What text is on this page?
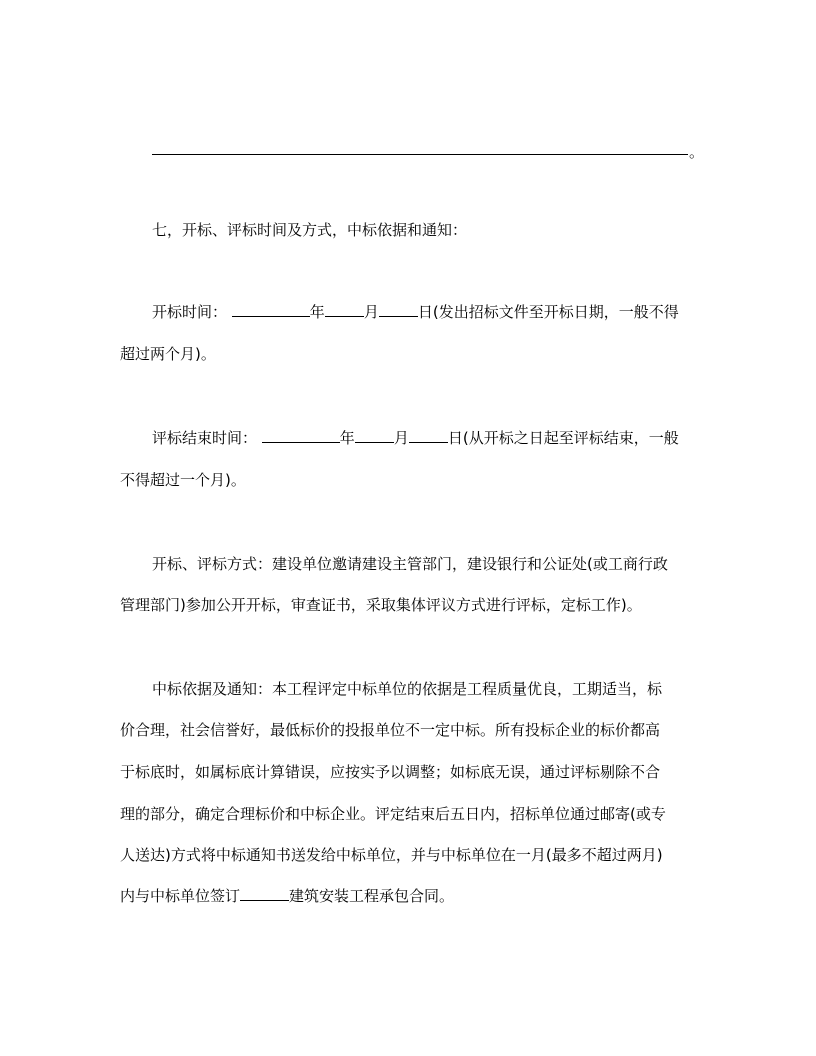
。
七，开标、评标时间及方式，中标依据和通知：
开标时间：	年	月	日(发出招标文件至开标日期，一般不得
超过两个月)。
评标结束时间：	年	月	日(从开标之日起至评标结束，一般
不得超过一个月)。
开标、评标方式：建设单位邀请建设主管部门，建设银行和公证处(或工商行政
管理部门)参加公开开标，审查证书，采取集体评议方式进行评标，定标工作)。
中标依据及通知：本工程评定中标单位的依据是工程质量优良，工期适当，标
价合理，社会信誉好，最低标价的投报单位不一定中标。所有投标企业的标价都高
于标底时，如属标底计算错误，应按实予以调整；如标底无误，通过评标剔除不合
理的部分，确定合理标价和中标企业。评定结束后五日内，招标单位通过邮寄(或专
人送达)方式将中标通知书送发给中标单位，并与中标单位在一月(最多不超过两月)
内与中标单位签订	建筑安装工程承包合同。
